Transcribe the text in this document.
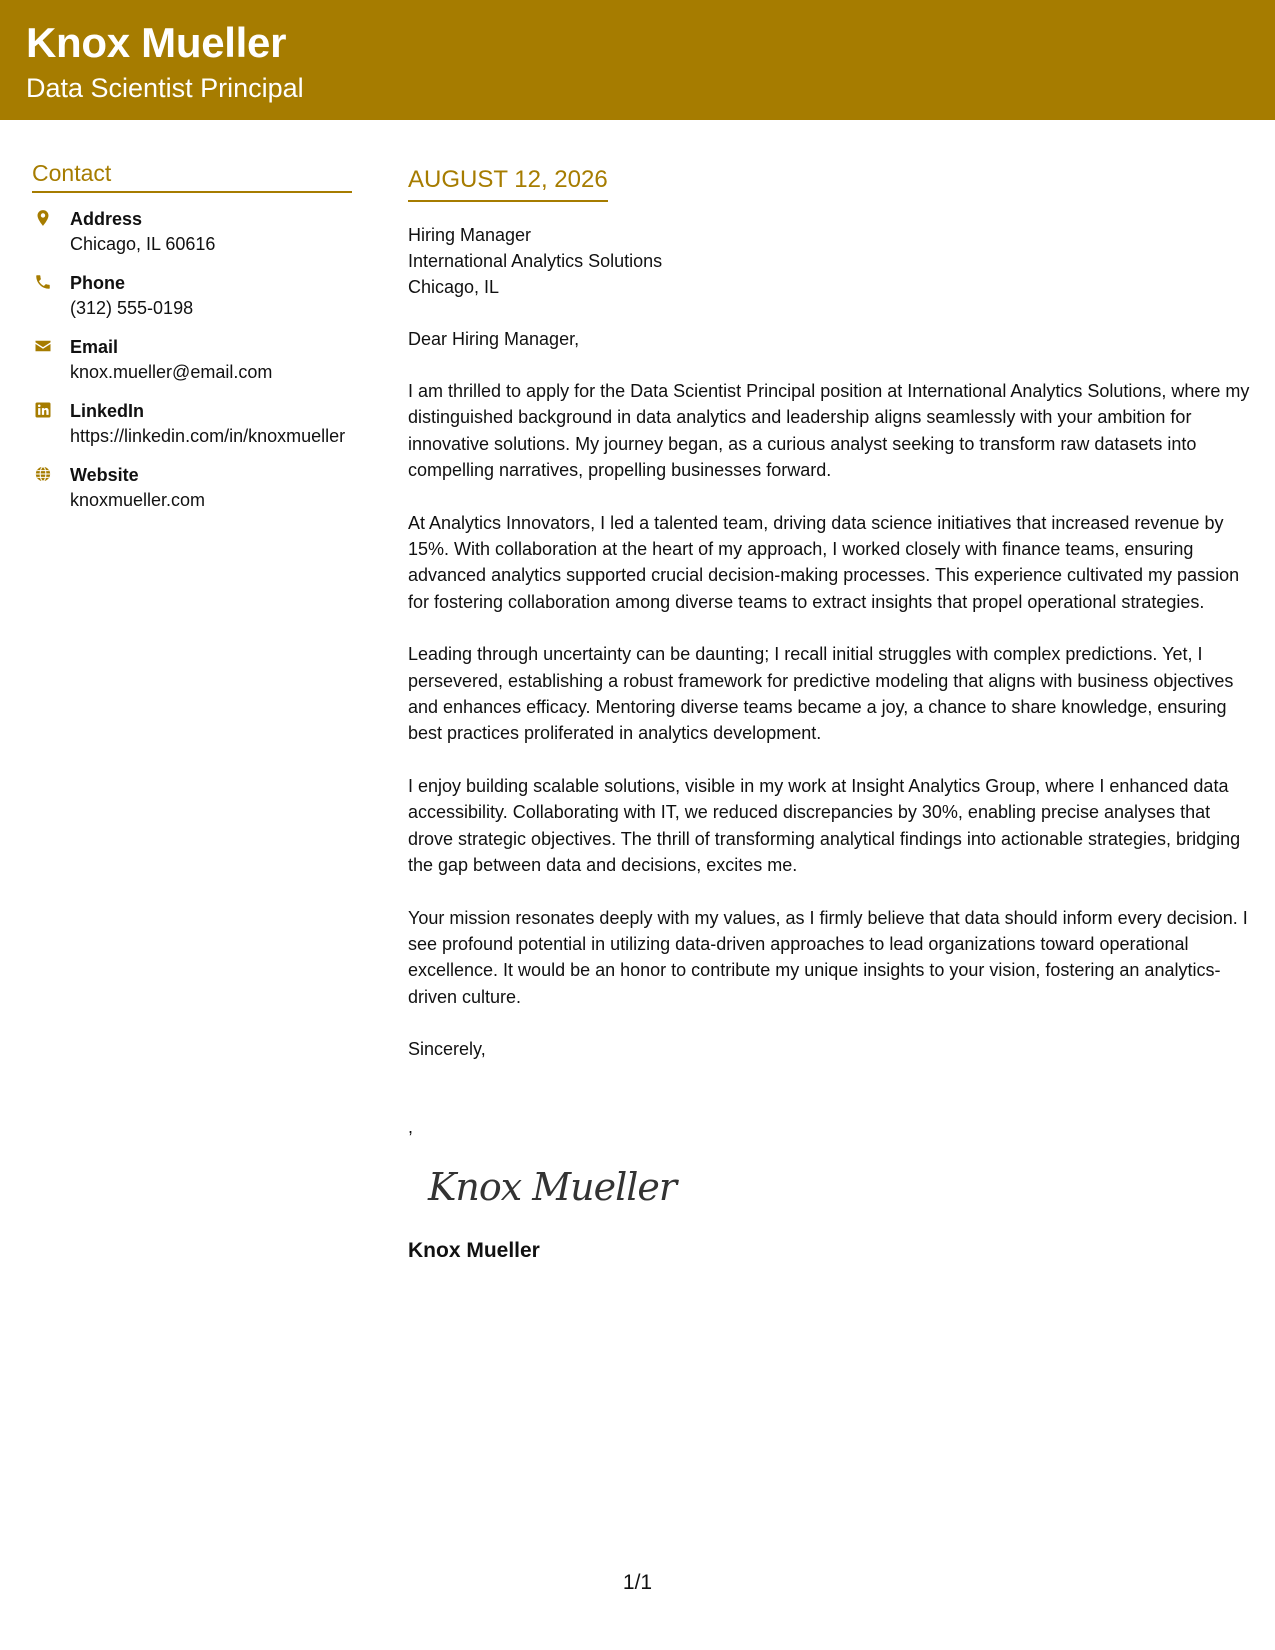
Knox Mueller
Data Scientist Principal
Contact
Address
Chicago, IL 60616
Phone
(312) 555-0198
Email
knox.mueller@email.com
LinkedIn
https://linkedin.com/in/knoxmueller
Website
knoxmueller.com
AUGUST 12, 2026
Hiring Manager
International Analytics Solutions
Chicago, IL
Dear Hiring Manager,

I am thrilled to apply for the Data Scientist Principal position at International Analytics Solutions, where my distinguished background in data analytics and leadership aligns seamlessly with your ambition for innovative solutions. My journey began, as a curious analyst seeking to transform raw datasets into compelling narratives, propelling businesses forward.

At Analytics Innovators, I led a talented team, driving data science initiatives that increased revenue by 15%. With collaboration at the heart of my approach, I worked closely with finance teams, ensuring advanced analytics supported crucial decision-making processes. This experience cultivated my passion for fostering collaboration among diverse teams to extract insights that propel operational strategies.

Leading through uncertainty can be daunting; I recall initial struggles with complex predictions. Yet, I persevered, establishing a robust framework for predictive modeling that aligns with business objectives and enhances efficacy. Mentoring diverse teams became a joy, a chance to share knowledge, ensuring best practices proliferated in analytics development.

I enjoy building scalable solutions, visible in my work at Insight Analytics Group, where I enhanced data accessibility. Collaborating with IT, we reduced discrepancies by 30%, enabling precise analyses that drove strategic objectives. The thrill of transforming analytical findings into actionable strategies, bridging the gap between data and decisions, excites me.

Your mission resonates deeply with my values, as I firmly believe that data should inform every decision. I see profound potential in utilizing data-driven approaches to lead organizations toward operational excellence. It would be an honor to contribute my unique insights to your vision, fostering an analytics-driven culture.

Sincerely,
,
Knox Mueller
Knox Mueller
1/1
